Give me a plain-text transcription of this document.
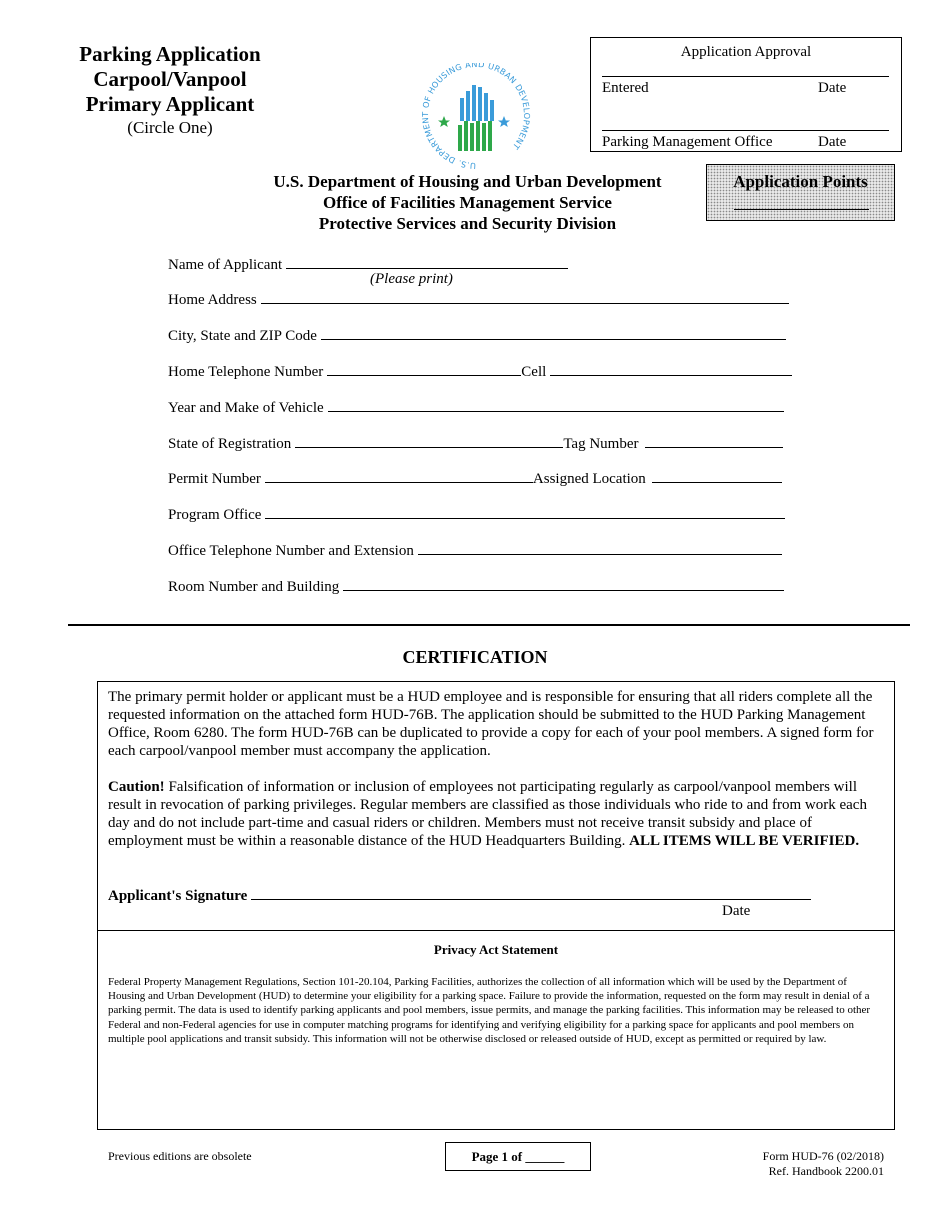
Parking Application
Carpool/Vanpool
Primary Applicant
(Circle One)
U.S. DEPARTMENT OF HOUSING AND URBAN DEVELOPMENT
Application Approval
Entered	Date
Parking Management Office	Date
Application Points
U.S. Department of Housing and Urban Development
Office of Facilities Management Service
Protective Services and Security Division
Name of Applicant
(Please print)
Home Address
City, State and ZIP Code
Home Telephone Number	Cell
Year and Make of Vehicle
State of Registration	Tag Number
Permit Number	Assigned Location
Program Office
Office Telephone Number and Extension
Room Number and Building
CERTIFICATION
The primary permit holder or applicant must be a HUD employee and is responsible for ensuring that all riders complete all the requested information on the attached form HUD-76B. The application should be submitted to the HUD Parking Management Office, Room 6280. The form HUD-76B can be duplicated to provide a copy for each of your pool members. A signed form for each carpool/vanpool member must accompany the application.
Caution! Falsification of information or inclusion of employees not participating regularly as carpool/vanpool members will result in revocation of parking privileges. Regular members are classified as those individuals who ride to and from work each day and do not include part-time and casual riders or children. Members must not receive transit subsidy and place of employment must be within a reasonable distance of the HUD Headquarters Building. ALL ITEMS WILL BE VERIFIED.
Applicant's Signature
Date
Privacy Act Statement
Federal Property Management Regulations, Section 101-20.104, Parking Facilities, authorizes the collection of all information which will be used by the Department of Housing and Urban Development (HUD) to determine your eligibility for a parking space. Failure to provide the information, requested on the form may result in denial of a parking permit. The data is used to identify parking applicants and pool members, issue permits, and manage the parking facilities. This information may be released to other Federal and non-Federal agencies for use in computer matching programs for identifying and verifying eligibility for a parking space for applicants and pool members on multiple pool applications and transit subsidy. This information will not be otherwise disclosed or released outside of HUD, except as permitted or required by law.
Previous editions are obsolete	Page 1 of ______	Form HUD-76 (02/2018)
Ref. Handbook 2200.01
